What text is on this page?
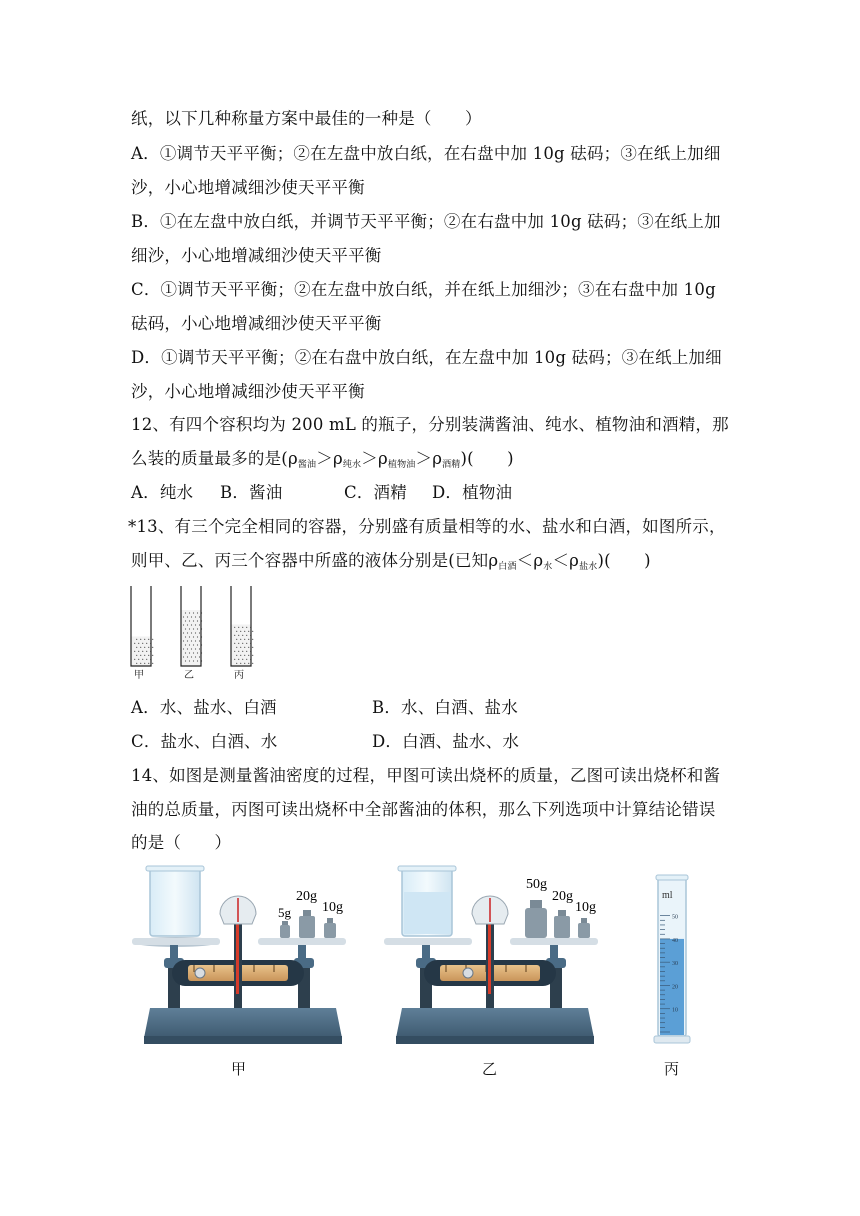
纸，以下几种称量方案中最佳的一种是（　　）
A．①调节天平平衡；②在左盘中放白纸，在右盘中加 10g 砝码；③在纸上加细
沙，小心地增减细沙使天平平衡
B．①在左盘中放白纸，并调节天平平衡；②在右盘中加 10g 砝码；③在纸上加
细沙，小心地增减细沙使天平平衡
C．①调节天平平衡；②在左盘中放白纸，并在纸上加细沙；③在右盘中加 10g
砝码，小心地增减细沙使天平平衡
D．①调节天平平衡；②在右盘中放白纸，在左盘中加 10g 砝码；③在纸上加细
沙，小心地增减细沙使天平平衡
12、有四个容积均为 200 mL 的瓶子，分别装满酱油、纯水、植物油和酒精，那
么装的质量最多的是$(\rho_{酱油}>\rho_{纯水}>\rho_{植物油}>\rho_{酒精})$(　　)
A．纯水 B．酱油	C．酒精 D．植物油
*13、有三个完全相同的容器，分别盛有质量相等的水、盐水和白酒，如图所示，
则甲、乙、丙三个容器中所盛的液体分别是(已知$\rho_{白酒}<\rho_水<\rho_{盐水}$)(　　)
甲	乙	丙
A．水、盐水、白酒	B．水、白酒、盐水
C．盐水、白酒、水	D．白酒、盐水、水
14、如图是测量酱油密度的过程，甲图可读出烧杯的质量，乙图可读出烧杯和酱
油的总质量，丙图可读出烧杯中全部酱油的体积，那么下列选项中计算结论错误
的是（　　）
5g
20g
10g
50g
20g
10g
ml
50
40
30
20
10
甲	乙	丙
